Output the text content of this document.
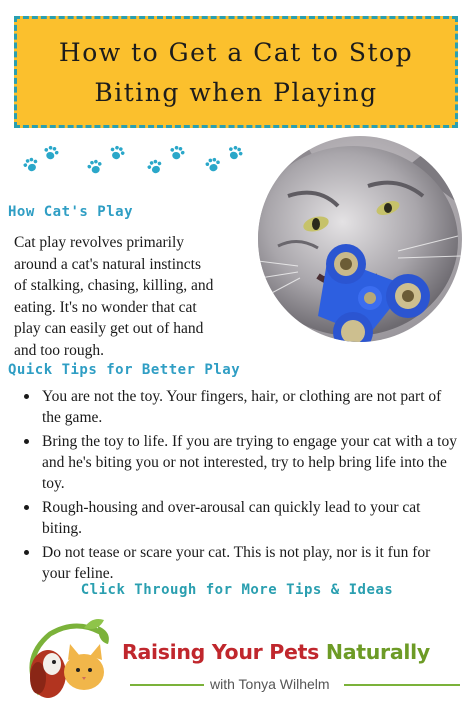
How to Get a Cat to Stop
Biting when Playing
How Cat's Play
Cat play revolves primarily
around a cat's natural instincts
of stalking, chasing, killing, and
eating. It's no wonder that cat
play can easily get out of hand
and too rough.
Quick Tips for Better Play
You are not the toy. Your fingers, hair, or clothing are not part of the game.
Bring the toy to life. If you are trying to engage your cat with a toy and he's biting you or not interested, try to help bring life into the toy.
Rough-housing and over-arousal can quickly lead to your cat biting.
Do not tease or scare your cat. This is not play, nor is it fun for your feline.
Click Through for More Tips & Ideas
Raising Your Pets Naturally
with Tonya Wilhelm
